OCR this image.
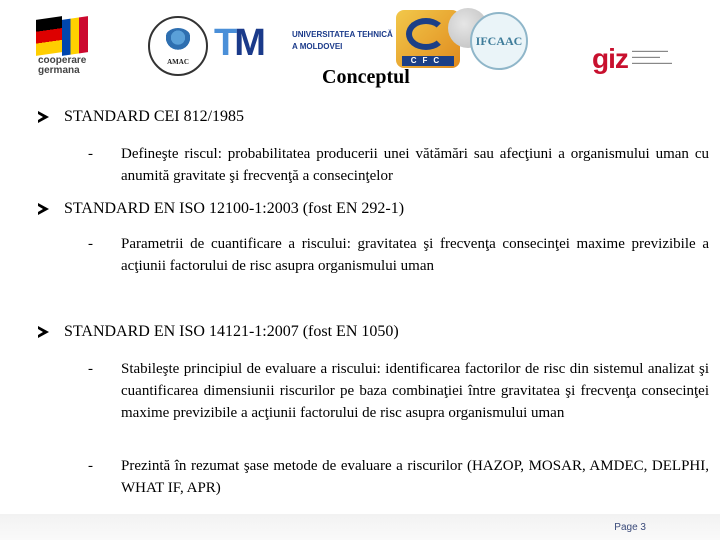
cooperare
germana
AMAC TM	UNIVERSITATEA TEHNICĂ
A MOLDOVEI
CFC
IFCAAC
giz ▬▬▬▬▬▬▬▬▬
▬▬▬▬▬▬▬
▬▬▬▬▬▬▬▬▬▬
Conceptul
STANDARD CEI 812/1985
- Defineşte riscul: probabilitatea producerii unei vătămări sau afecţiuni a organismului uman cu anumită gravitate şi frecvenţă a consecinţelor
STANDARD EN ISO 12100-1:2003 (fost EN 292-1)
- Parametrii de cuantificare a riscului: gravitatea şi frecvenţa consecinţei maxime previzibile a acţiunii factorului de risc asupra organismului uman
STANDARD EN ISO 14121-1:2007 (fost EN 1050)
- Stabileşte principiul de evaluare a riscului: identificarea factorilor de risc din sistemul analizat şi cuantificarea dimensiunii riscurilor pe baza combinaţiei între gravitatea şi frecvenţa consecinţei maxime previzibile a acţiunii factorului de risc asupra organismului uman
- Prezintă în rezumat şase metode de evaluare a riscurilor (HAZOP, MOSAR, AMDEC, DELPHI, WHAT IF, APR)
Page 3
